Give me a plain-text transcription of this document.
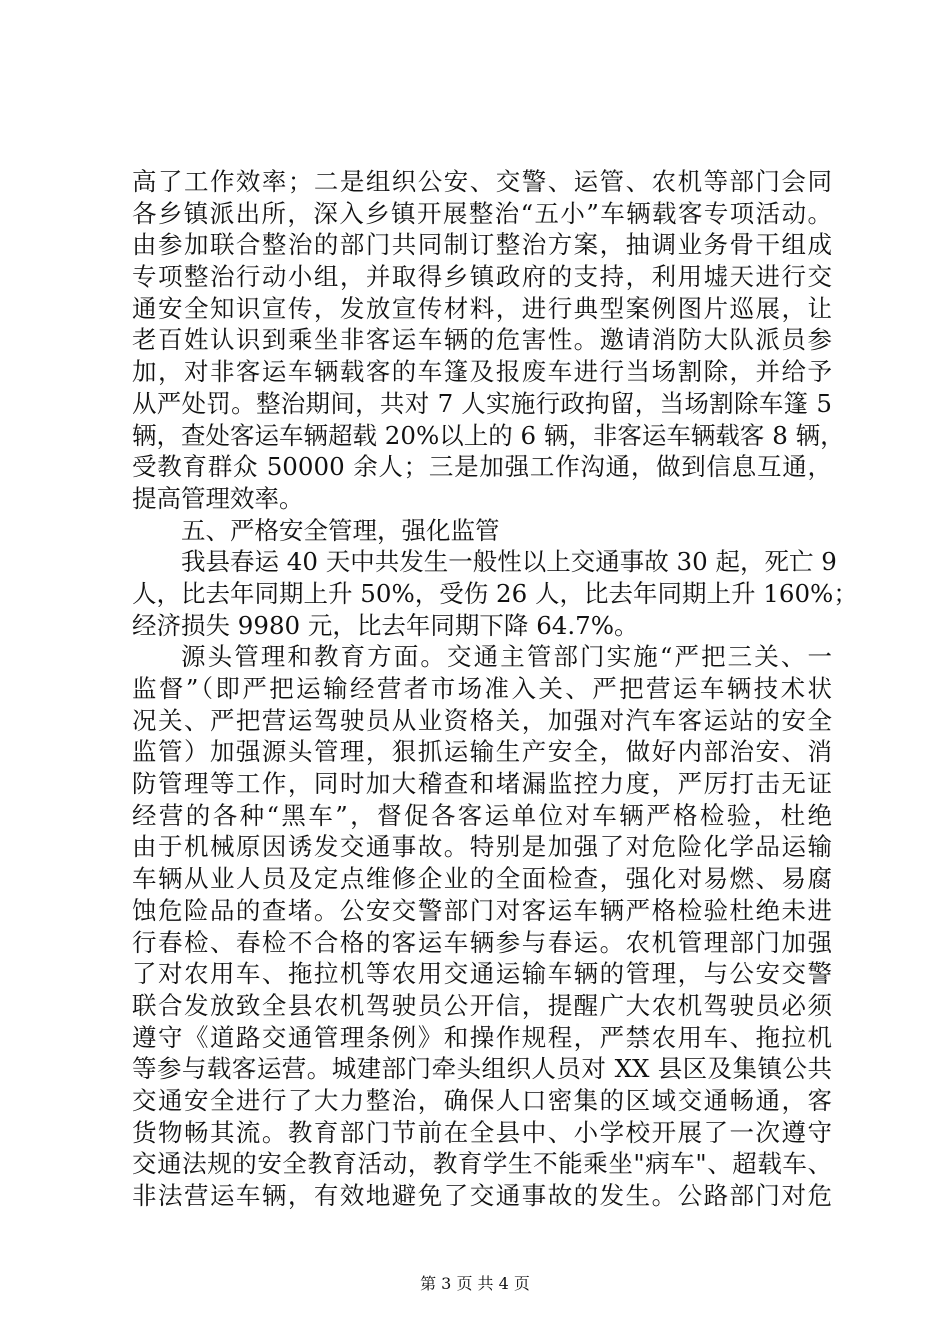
高了工作效率；二是组织公安、交警、运管、农机等部门会同
各乡镇派出所，深入乡镇开展整治“五小”车辆载客专项活动。
由参加联合整治的部门共同制订整治方案，抽调业务骨干组成
专项整治行动小组，并取得乡镇政府的支持，利用墟天进行交
通安全知识宣传，发放宣传材料，进行典型案例图片巡展，让
老百姓认识到乘坐非客运车辆的危害性。邀请消防大队派员参
加，对非客运车辆载客的车篷及报废车进行当场割除，并给予
从严处罚。整治期间，共对 7 人实施行政拘留，当场割除车篷 5
辆，查处客运车辆超载 20%以上的 6 辆，非客运车辆载客 8 辆，
受教育群众 50000 余人；三是加强工作沟通，做到信息互通，
提高管理效率。
五、严格安全管理，强化监管
我县春运 40 天中共发生一般性以上交通事故 30 起，死亡 9
人，比去年同期上升 50%，受伤 26 人，比去年同期上升 160%；
经济损失 9980 元，比去年同期下降 64.7%。
源头管理和教育方面。交通主管部门实施“严把三关、一
监督”（即严把运输经营者市场准入关、严把营运车辆技术状
况关、严把营运驾驶员从业资格关，加强对汽车客运站的安全
监管）加强源头管理，狠抓运输生产安全，做好内部治安、消
防管理等工作，同时加大稽查和堵漏监控力度，严厉打击无证
经营的各种“黑车”，督促各客运单位对车辆严格检验，杜绝
由于机械原因诱发交通事故。特别是加强了对危险化学品运输
车辆从业人员及定点维修企业的全面检查，强化对易燃、易腐
蚀危险品的查堵。公安交警部门对客运车辆严格检验杜绝未进
行春检、春检不合格的客运车辆参与春运。农机管理部门加强
了对农用车、拖拉机等农用交通运输车辆的管理，与公安交警
联合发放致全县农机驾驶员公开信，提醒广大农机驾驶员必须
遵守《道路交通管理条例》和操作规程，严禁农用车、拖拉机
等参与载客运营。城建部门牵头组织人员对 XX 县区及集镇公共
交通安全进行了大力整治，确保人口密集的区域交通畅通，客
货物畅其流。教育部门节前在全县中、小学校开展了一次遵守
交通法规的安全教育活动，教育学生不能乘坐"病车"、超载车、
非法营运车辆，有效地避免了交通事故的发生。公路部门对危
第 3 页 共 4 页
